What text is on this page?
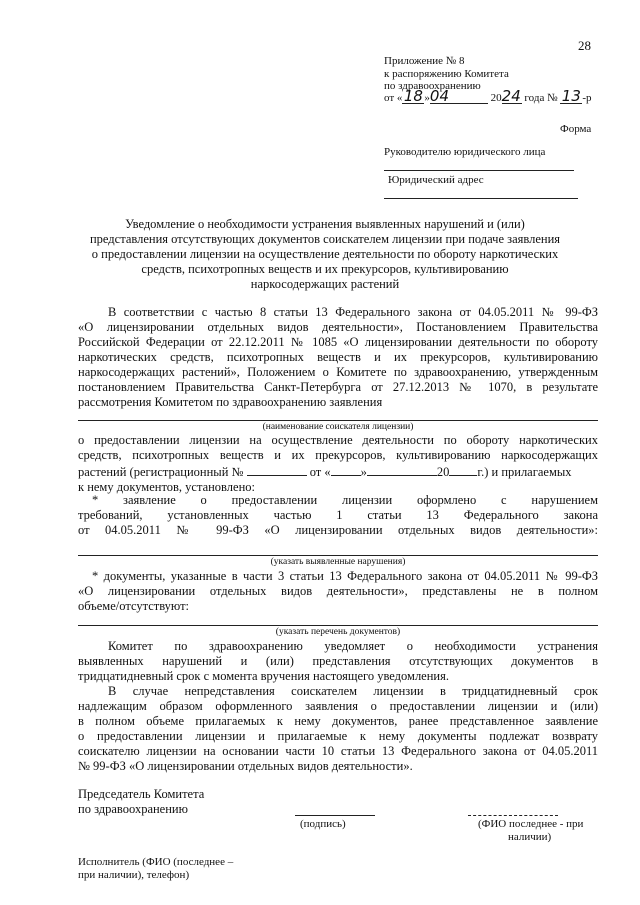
28
Приложение № 8
к распоряжению Комитета
по здравоохранению
от «18»04	2024 года № 13-р
Форма
Руководителю юридического лица
Юридический адрес
Уведомление о необходимости устранения выявленных нарушений и (или)
представления отсутствующих документов соискателем лицензии при подаче заявления
о предоставлении лицензии на осуществление деятельности по обороту наркотических
средств, психотропных веществ и их прекурсоров, культивированию
наркосодержащих растений
В соответствии с частью 8 статьи 13 Федерального закона от 04.05.2011 № 99-ФЗ
«О лицензировании отдельных видов деятельности», Постановлением Правительства
Российской Федерации от 22.12.2011 № 1085 «О лицензировании деятельности по обороту
наркотических средств, психотропных веществ и их прекурсоров, культивированию
наркосодержащих растений», Положением о Комитете по здравоохранению, утвержденным
постановлением Правительства Санкт-Петербурга от 27.12.2013 № 1070, в результате
рассмотрения Комитетом по здравоохранению заявления
(наименование соискателя лицензии)
о предоставлении лицензии на осуществление деятельности по обороту наркотических
средств, психотропных веществ и их прекурсоров, культивированию наркосодержащих
растений (регистрационный №	от « »	20 г.) и прилагаемых
к нему документов, установлено:
* заявление о предоставлении лицензии оформлено с нарушением
требований, установленных частью 1 статьи 13 Федерального закона
от 04.05.2011 № 99-ФЗ «О лицензировании отдельных видов деятельности»:
(указать выявленные нарушения)
* документы, указанные в части 3 статьи 13 Федерального закона от 04.05.2011 № 99-ФЗ
«О лицензировании отдельных видов деятельности», представлены не в полном
объеме/отсутствуют:
(указать перечень документов)
Комитет по здравоохранению уведомляет о необходимости устранения
выявленных нарушений и (или) представления отсутствующих документов в
тридцатидневный срок с момента вручения настоящего уведомления.
В случае непредставления соискателем лицензии в тридцатидневный срок
надлежащим образом оформленного заявления о предоставлении лицензии и (или)
в полном объеме прилагаемых к нему документов, ранее представленное заявление
о предоставлении лицензии и прилагаемые к нему документы подлежат возврату
соискателю лицензии на основании части 10 статьи 13 Федерального закона от 04.05.2011
№ 99-ФЗ «О лицензировании отдельных видов деятельности».
Председатель Комитета
по здравоохранению
(подпись)	(ФИО последнее - при
наличии)
Исполнитель (ФИО (последнее –
при наличии), телефон)
